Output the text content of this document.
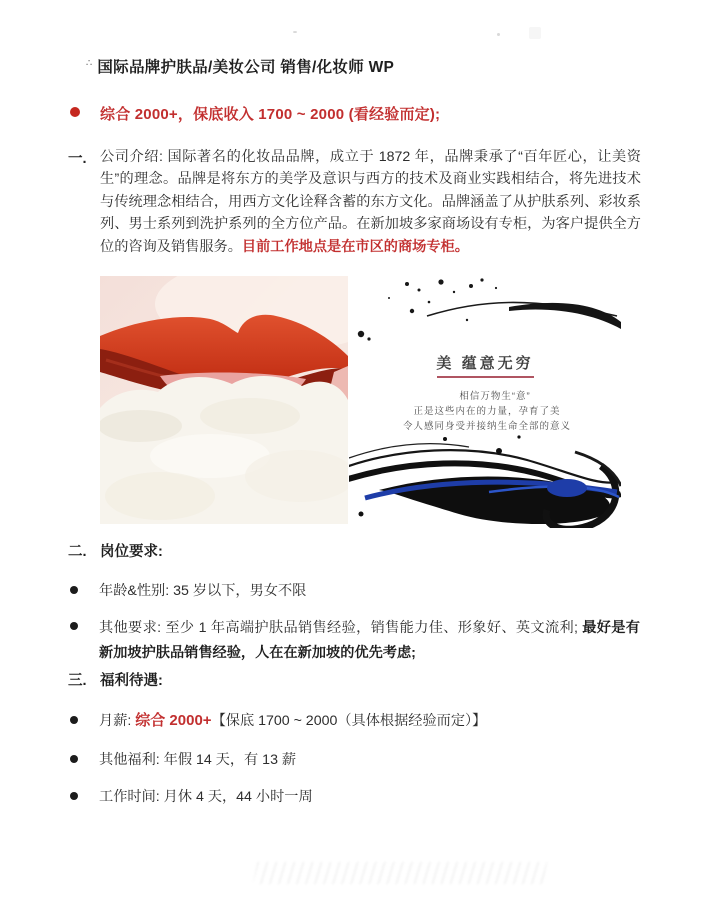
∴ 国际品牌护肤品/美妆公司 销售/化妆师 WP
综合 2000+，保底收入 1700 ~ 2000 (看经验而定);
一. 公司介绍: 国际著名的化妆品品牌，成立于 1872 年，品牌秉承了“百年匠心，让美资生”的理念。品牌是将东方的美学及意识与西方的技术及商业实践相结合，将先进技术与传统理念相结合，用西方文化诠释含蓄的东方文化。品牌涵盖了从护肤系列、彩妆系列、男士系列到洗护系列的全方位产品。在新加坡多家商场设有专柜，为客户提供全方位的咨询及销售服务。目前工作地点是在市区的商场专柜。

美 蕴意无穷
相信万物生“意”
正是这些内在的力量，孕育了美
令人感同身受并接纳生命全部的意义
二. 岗位要求:

年龄&性别: 35 岁以下，男女不限

其他要求: 至少 1 年高端护肤品销售经验，销售能力佳、形象好、英文流利; 最好是有新加坡护肤品销售经验，人在在新加坡的优先考虑;

三. 福利待遇:

月薪: 综合 2000+【保底 1700 ~ 2000（具体根据经验而定）】

其他福利: 年假 14 天，有 13 薪

工作时间: 月休 4 天，44 小时一周
